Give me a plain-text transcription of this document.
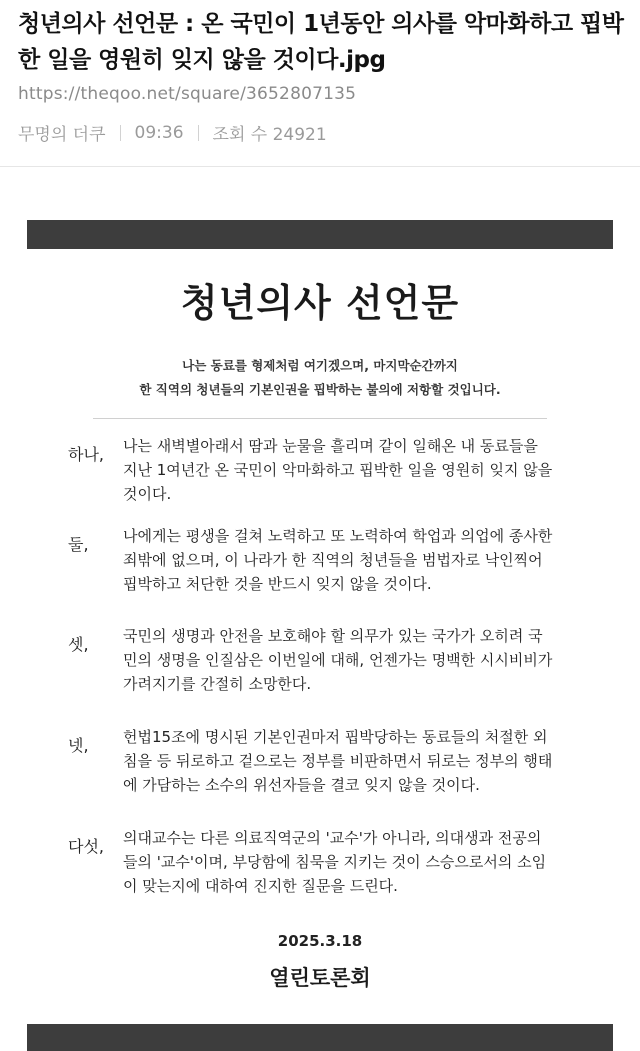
청년의사 선언문 : 온 국민이 1년동안 의사를 악마화하고 핍박한 일을 영원히 잊지 않을 것이다.jpg
https://theqoo.net/square/3652807135
무명의 더쿠 09:36 조회 수 24921
청년의사 선언문
나는 동료를 형제처럼 여기겠으며, 마지막순간까지
한 직역의 청년들의 기본인권을 핍박하는 불의에 저항할 것입니다.
하나, 나는 새벽별아래서 땀과 눈물을 흘리며 같이 일해온 내 동료들을
지난 1여년간 온 국민이 악마화하고 핍박한 일을 영원히 잊지 않을
것이다.
둘, 나에게는 평생을 걸쳐 노력하고 또 노력하여 학업과 의업에 종사한
죄밖에 없으며, 이 나라가 한 직역의 청년들을 범법자로 낙인찍어
핍박하고 처단한 것을 반드시 잊지 않을 것이다.
셋, 국민의 생명과 안전을 보호해야 할 의무가 있는 국가가 오히려 국
민의 생명을 인질삼은 이번일에 대해, 언젠가는 명백한 시시비비가
가려지기를 간절히 소망한다.
넷, 헌법15조에 명시된 기본인권마저 핍박당하는 동료들의 처절한 외
침을 등 뒤로하고 겉으로는 정부를 비판하면서 뒤로는 정부의 행태
에 가담하는 소수의 위선자들을 결코 잊지 않을 것이다.
다섯, 의대교수는 다른 의료직역군의 '교수'가 아니라, 의대생과 전공의
들의 '교수'이며, 부당함에 침묵을 지키는 것이 스승으로서의 소임
이 맞는지에 대하여 진지한 질문을 드린다.
2025.3.18
열린토론회
